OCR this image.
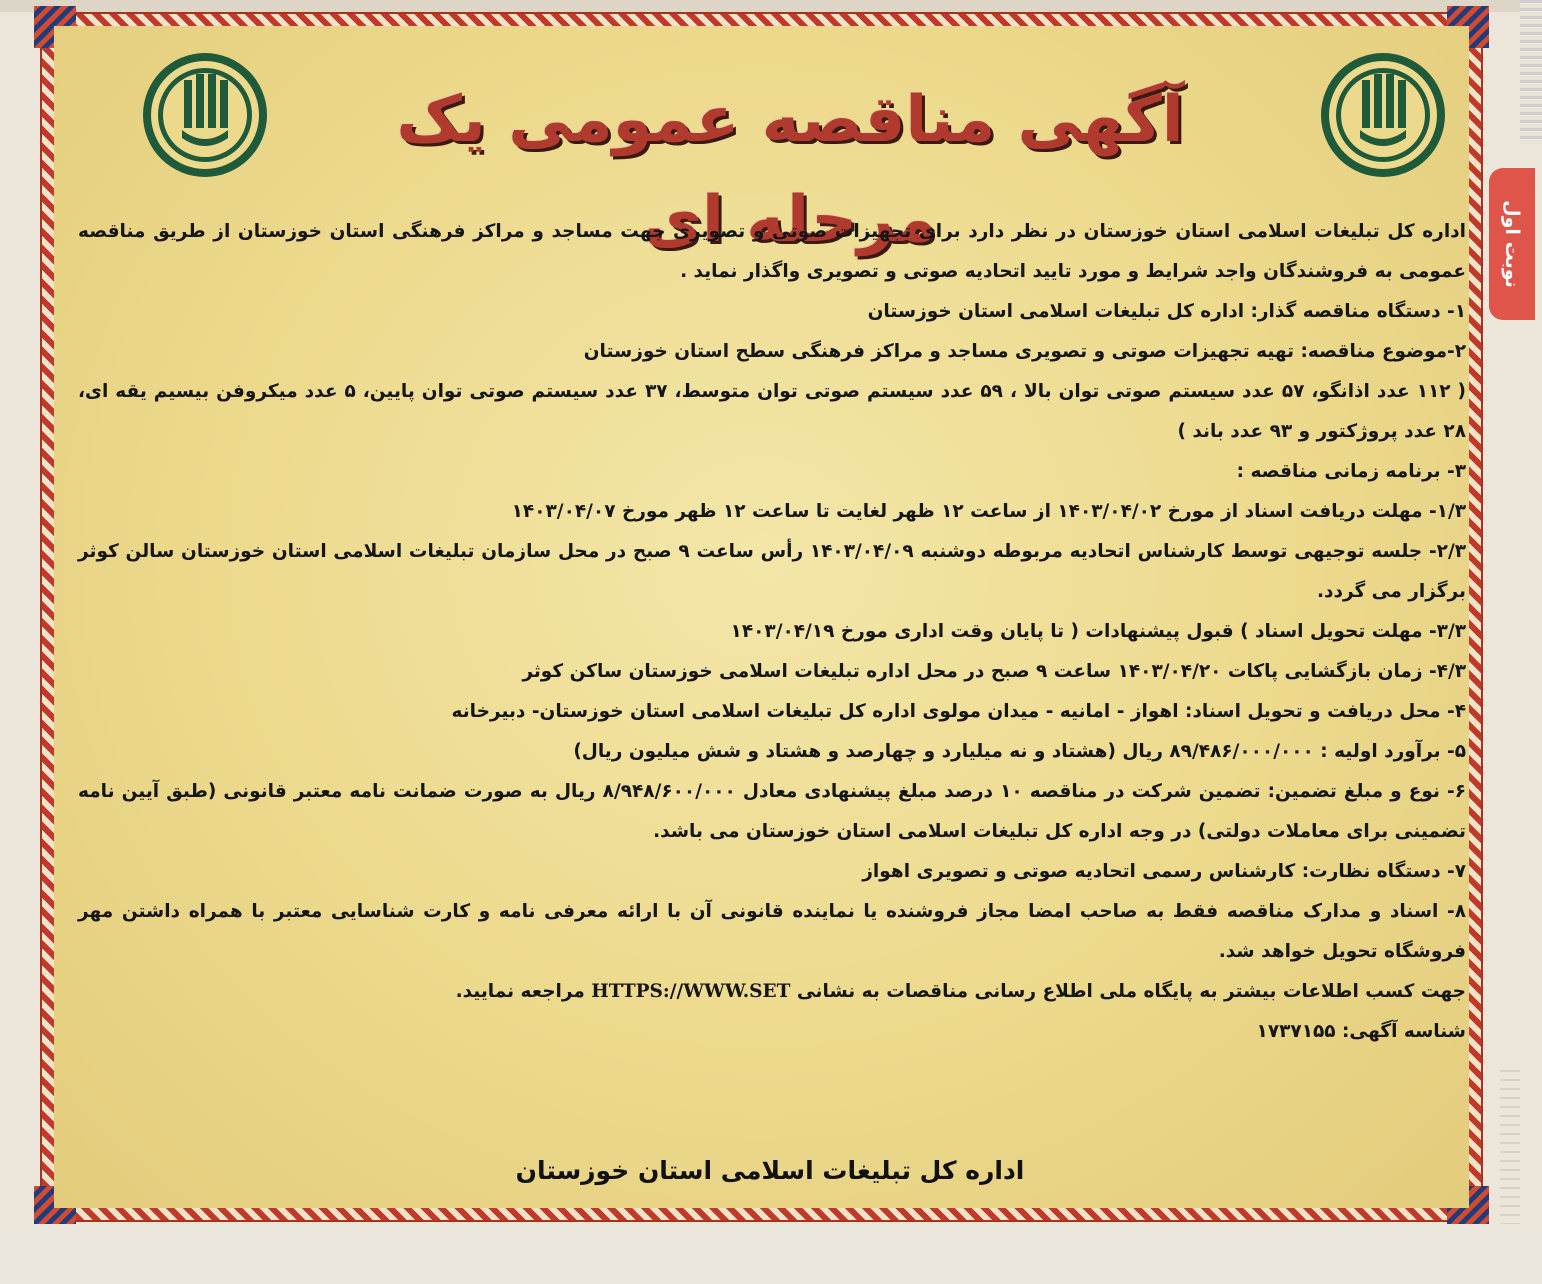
آگهی مناقصه عمومی یک مرحله ای

اداره کل تبلیغات اسلامی استان خوزستان در نظر دارد برای تجهیزات صوتی و تصویری جهت مساجد و مراکز فرهنگی استان خوزستان از طریق مناقصه عمومی به فروشندگان واجد شرایط و مورد تایید اتحادیه صوتی و تصویری واگذار نماید .

۱- دستگاه مناقصه گذار: اداره کل تبلیغات اسلامی استان خوزستان

۲-موضوع مناقصه: تهیه تجهیزات صوتی و تصویری مساجد و مراکز فرهنگی سطح استان خوزستان

( ۱۱۲ عدد اذانگو، ۵۷ عدد سیستم صوتی توان بالا ، ۵۹ عدد سیستم صوتی توان متوسط، ۳۷ عدد سیستم صوتی توان پایین، ۵ عدد میکروفن بیسیم یقه ای، ۲۸ عدد پروژکتور و ۹۳ عدد باند )

۳- برنامه زمانی مناقصه :

۱/۳- مهلت دریافت اسناد از مورخ ۱۴۰۳/۰۴/۰۲ از ساعت ۱۲ ظهر لغایت تا ساعت ۱۲ ظهر مورخ ۱۴۰۳/۰۴/۰۷

۲/۳- جلسه توجیهی توسط کارشناس اتحادیه مربوطه دوشنبه ۱۴۰۳/۰۴/۰۹ رأس ساعت ۹ صبح در محل سازمان تبلیغات اسلامی استان خوزستان سالن کوثر برگزار می گردد.

۳/۳- مهلت تحویل اسناد ) قبول پیشنهادات ( تا پایان وقت اداری مورخ ۱۴۰۳/۰۴/۱۹

۴/۳- زمان بازگشایی پاکات ۱۴۰۳/۰۴/۲۰ ساعت ۹ صبح در محل اداره تبلیغات اسلامی خوزستان ساکن کوثر

۴- محل دریافت و تحویل اسناد: اهواز - امانیه - میدان مولوی اداره کل تبلیغات اسلامی استان خوزستان- دبیرخانه

۵- برآورد اولیه : ۸۹/۴۸۶/۰۰۰/۰۰۰ ریال (هشتاد و نه میلیارد و چهارصد و هشتاد و شش میلیون ریال)

۶- نوع و مبلغ تضمین: تضمین شرکت در مناقصه ۱۰ درصد مبلغ پیشنهادی معادل ۸/۹۴۸/۶۰۰/۰۰۰ ریال به صورت ضمانت نامه معتبر قانونی (طبق آیین نامه تضمینی برای معاملات دولتی) در وجه اداره کل تبلیغات اسلامی استان خوزستان می باشد.

۷- دستگاه نظارت: کارشناس رسمی اتحادیه صوتی و تصویری اهواز

۸- اسناد و مدارک مناقصه فقط به صاحب امضا مجاز فروشنده یا نماینده قانونی آن با ارائه معرفی نامه و کارت شناسایی معتبر با همراه داشتن مهر فروشگاه تحویل خواهد شد.

جهت کسب اطلاعات بیشتر به پایگاه ملی اطلاع رسانی مناقصات به نشانی HTTPS://WWW.SET مراجعه نمایید.

شناسه آگهی: ۱۷۳۷۱۵۵

اداره کل تبلیغات اسلامی استان خوزستان
نوبت اول
